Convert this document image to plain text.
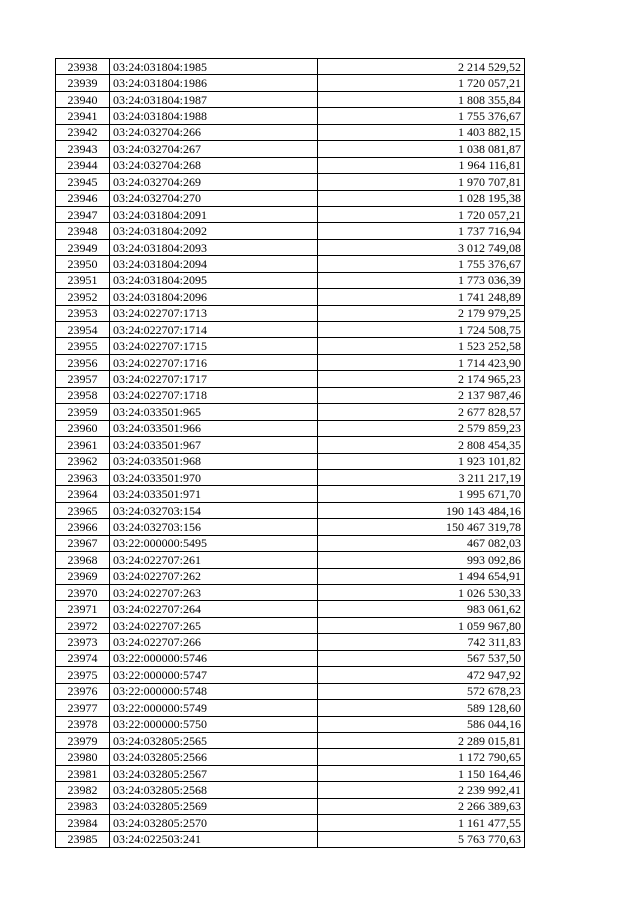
23938	03:24:031804:1985	2 214 529,52
23939	03:24:031804:1986	1 720 057,21
23940	03:24:031804:1987	1 808 355,84
23941	03:24:031804:1988	1 755 376,67
23942	03:24:032704:266	1 403 882,15
23943	03:24:032704:267	1 038 081,87
23944	03:24:032704:268	1 964 116,81
23945	03:24:032704:269	1 970 707,81
23946	03:24:032704:270	1 028 195,38
23947	03:24:031804:2091	1 720 057,21
23948	03:24:031804:2092	1 737 716,94
23949	03:24:031804:2093	3 012 749,08
23950	03:24:031804:2094	1 755 376,67
23951	03:24:031804:2095	1 773 036,39
23952	03:24:031804:2096	1 741 248,89
23953	03:24:022707:1713	2 179 979,25
23954	03:24:022707:1714	1 724 508,75
23955	03:24:022707:1715	1 523 252,58
23956	03:24:022707:1716	1 714 423,90
23957	03:24:022707:1717	2 174 965,23
23958	03:24:022707:1718	2 137 987,46
23959	03:24:033501:965	2 677 828,57
23960	03:24:033501:966	2 579 859,23
23961	03:24:033501:967	2 808 454,35
23962	03:24:033501:968	1 923 101,82
23963	03:24:033501:970	3 211 217,19
23964	03:24:033501:971	1 995 671,70
23965	03:24:032703:154	190 143 484,16
23966	03:24:032703:156	150 467 319,78
23967	03:22:000000:5495	467 082,03
23968	03:24:022707:261	993 092,86
23969	03:24:022707:262	1 494 654,91
23970	03:24:022707:263	1 026 530,33
23971	03:24:022707:264	983 061,62
23972	03:24:022707:265	1 059 967,80
23973	03:24:022707:266	742 311,83
23974	03:22:000000:5746	567 537,50
23975	03:22:000000:5747	472 947,92
23976	03:22:000000:5748	572 678,23
23977	03:22:000000:5749	589 128,60
23978	03:22:000000:5750	586 044,16
23979	03:24:032805:2565	2 289 015,81
23980	03:24:032805:2566	1 172 790,65
23981	03:24:032805:2567	1 150 164,46
23982	03:24:032805:2568	2 239 992,41
23983	03:24:032805:2569	2 266 389,63
23984	03:24:032805:2570	1 161 477,55
23985	03:24:022503:241	5 763 770,63
